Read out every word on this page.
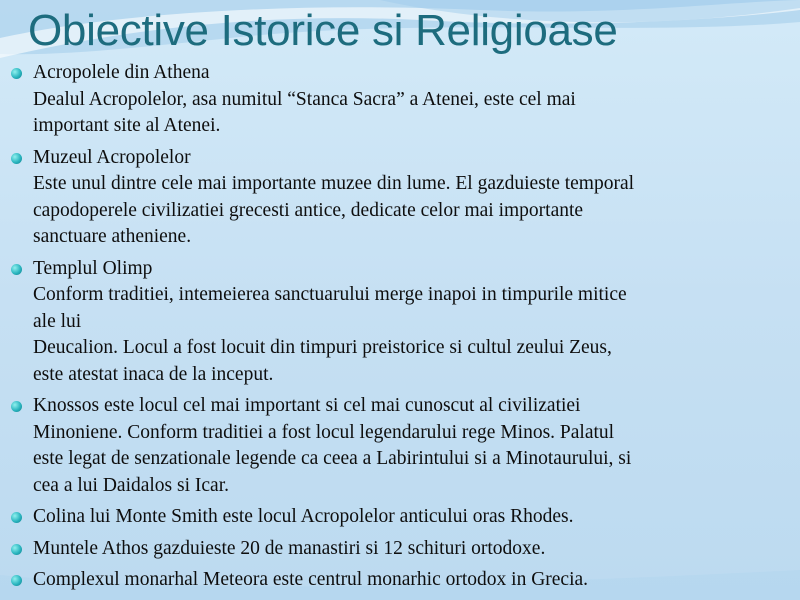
Obiective Istorice si Religioase
Acropolele din Athena
Dealul Acropolelor, asa numitul “Stanca Sacra” a Atenei, este cel mai
important site al Atenei.
Muzeul Acropolelor
Este unul dintre cele mai importante muzee din lume. El gazduieste temporal
capodoperele civilizatiei grecesti antice, dedicate celor mai importante
sanctuare atheniene.
Templul Olimp
Conform traditiei, intemeierea sanctuarului merge inapoi in timpurile mitice
ale lui
Deucalion. Locul a fost locuit din timpuri preistorice si cultul zeului Zeus,
este atestat inaca de la inceput.
Knossos este locul cel mai important si cel mai cunoscut al civilizatiei
Minoniene. Conform traditiei a fost locul legendarului rege Minos. Palatul
este legat de senzationale legende ca ceea a Labirintului si a Minotaurului, si
cea a lui Daidalos si Icar.
Colina lui Monte Smith este locul Acropolelor anticului oras Rhodes.
Muntele Athos gazduieste 20 de manastiri si 12 schituri ortodoxe.
Complexul monarhal Meteora este centrul monarhic ortodox in Grecia.
